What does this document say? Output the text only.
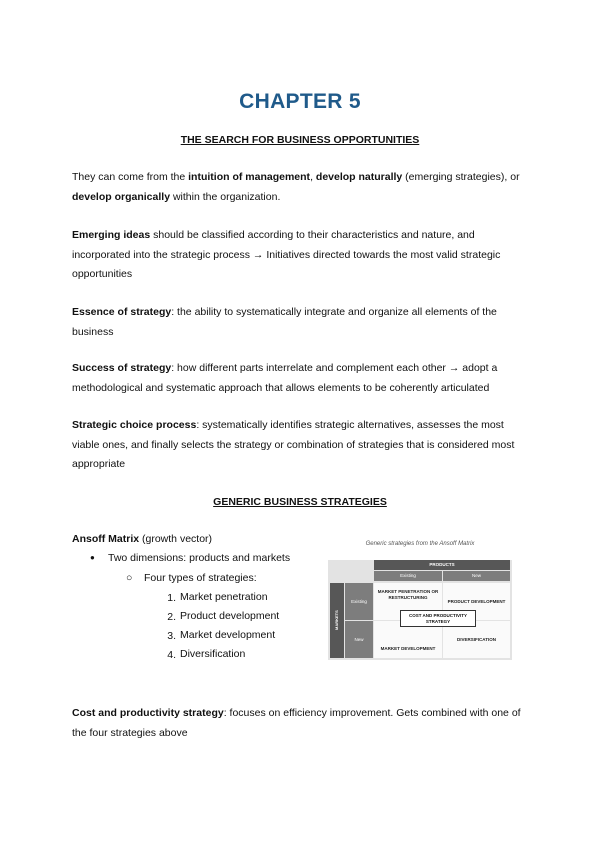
CHAPTER 5
THE SEARCH FOR BUSINESS OPPORTUNITIES
They can come from the intuition of management, develop naturally (emerging strategies), or develop organically within the organization.
Emerging ideas should be classified according to their characteristics and nature, and incorporated into the strategic process → Initiatives directed towards the most valid strategic opportunities
Essence of strategy: the ability to systematically integrate and organize all elements of the business
Success of strategy: how different parts interrelate and complement each other → adopt a methodological and systematic approach that allows elements to be coherently articulated
Strategic choice process: systematically identifies strategic alternatives, assesses the most viable ones, and finally selects the strategy or combination of strategies that is considered most appropriate
GENERIC BUSINESS STRATEGIES
Ansoff Matrix (growth vector)
● Two dimensions: products and markets
○ Four types of strategies:
1. Market penetration
2. Product development
3. Market development
4. Diversification
Generic strategies from the Ansoff Matrix
PRODUCTS
Existing	New
MARKETS
Existing
New
MARKET PENETRATION OR RESTRUCTURING
PRODUCT DEVELOPMENT
MARKET DEVELOPMENT
DIVERSIFICATION
COST AND PRODUCTIVITY STRATEGY
Cost and productivity strategy: focuses on efficiency improvement. Gets combined with one of the four strategies above
